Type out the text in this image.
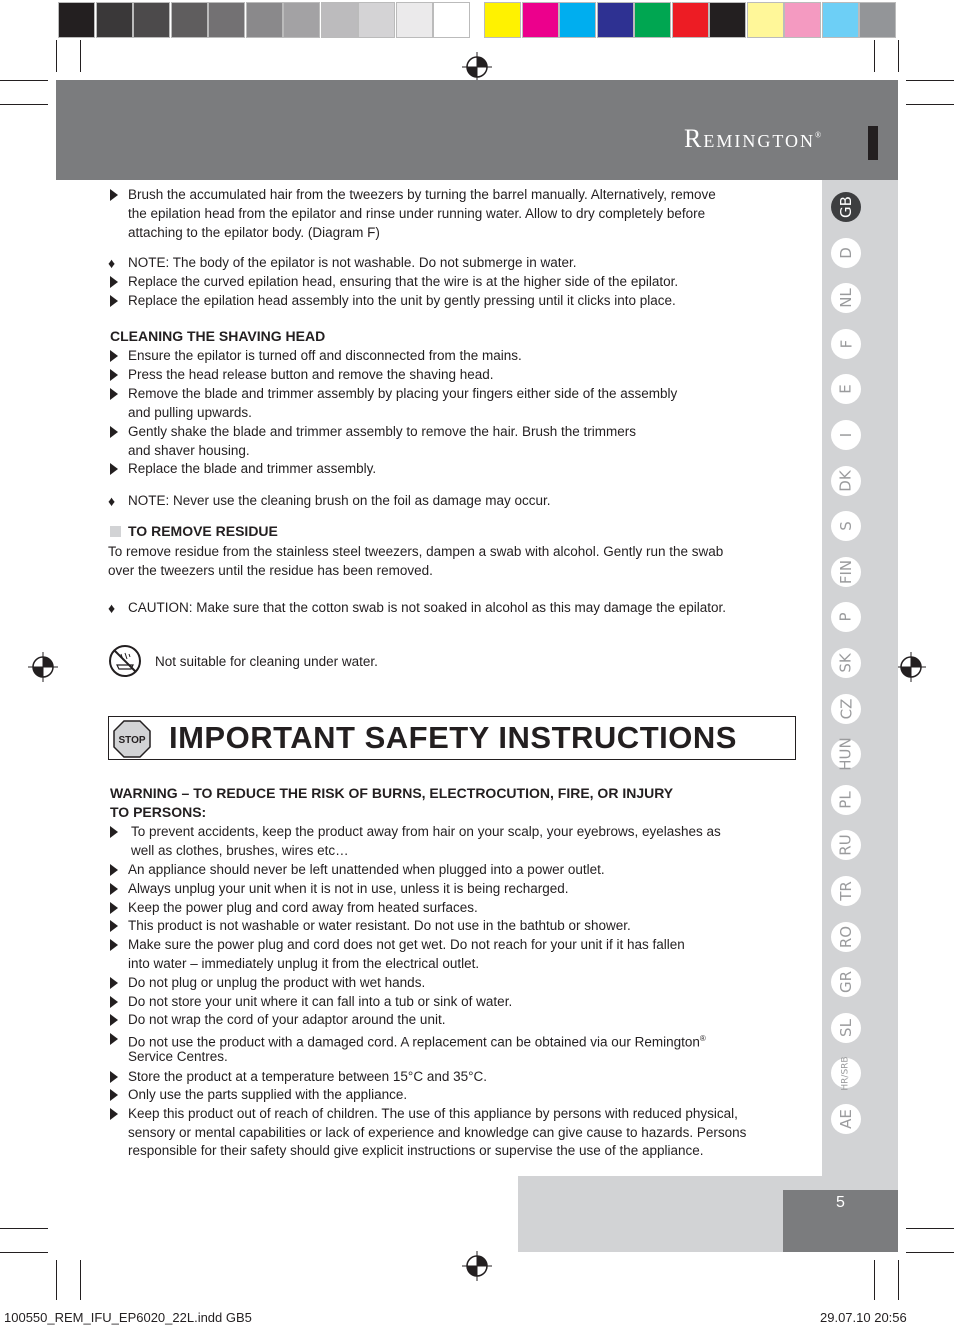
Remington®
GB
D
NL
F
E
I
DK
S
FIN
P
SK
CZ
HUN
PL
RU
TR
RO
GR
SL
HR/SRB
AE
Brush the accumulated hair from the tweezers by turning the barrel manually. Alternatively, remove
the epilation head from the epilator and rinse under running water. Allow to dry completely before
attaching to the epilator body. (Diagram F)
♦ NOTE: The body of the epilator is not washable. Do not submerge in water.
Replace the curved epilation head, ensuring that the wire is at the higher side of the epilator.
Replace the epilation head assembly into the unit by gently pressing until it clicks into place.
CLEANING THE SHAVING HEAD
Ensure the epilator is turned off and disconnected from the mains.
Press the head release button and remove the shaving head.
Remove the blade and trimmer assembly by placing your fingers either side of the assembly
and pulling upwards.
Gently shake the blade and trimmer assembly to remove the hair. Brush the trimmers
and shaver housing.
Replace the blade and trimmer assembly.
♦ NOTE: Never use the cleaning brush on the foil as damage may occur.
TO REMOVE RESIDUE
To remove residue from the stainless steel tweezers, dampen a swab with alcohol. Gently run the swab
over the tweezers until the residue has been removed.
♦ CAUTION: Make sure that the cotton swab is not soaked in alcohol as this may damage the epilator.
Not suitable for cleaning under water.
STOP IMPORTANT SAFETY INSTRUCTIONS
WARNING – TO REDUCE THE RISK OF BURNS, ELECTROCUTION, FIRE, OR INJURY
TO PERSONS:
To prevent accidents, keep the product away from hair on your scalp, your eyebrows, eyelashes as
well as clothes, brushes, wires etc…
An appliance should never be left unattended when plugged into a power outlet.
Always unplug your unit when it is not in use, unless it is being recharged.
Keep the power plug and cord away from heated surfaces.
This product is not washable or water resistant. Do not use in the bathtub or shower.
Make sure the power plug and cord does not get wet. Do not reach for your unit if it has fallen
into water – immediately unplug it from the electrical outlet.
Do not plug or unplug the product with wet hands.
Do not store your unit where it can fall into a tub or sink of water.
Do not wrap the cord of your adaptor around the unit.
Do not use the product with a damaged cord. A replacement can be obtained via our Remington®
Service Centres.
Store the product at a temperature between 15°C and 35°C.
Only use the parts supplied with the appliance.
Keep this product out of reach of children. The use of this appliance by persons with reduced physical,
sensory or mental capabilities or lack of experience and knowledge can give cause to hazards. Persons
responsible for their safety should give explicit instructions or supervise the use of the appliance.
5
100550_REM_IFU_EP6020_22L.indd GB5	29.07.10 20:56
